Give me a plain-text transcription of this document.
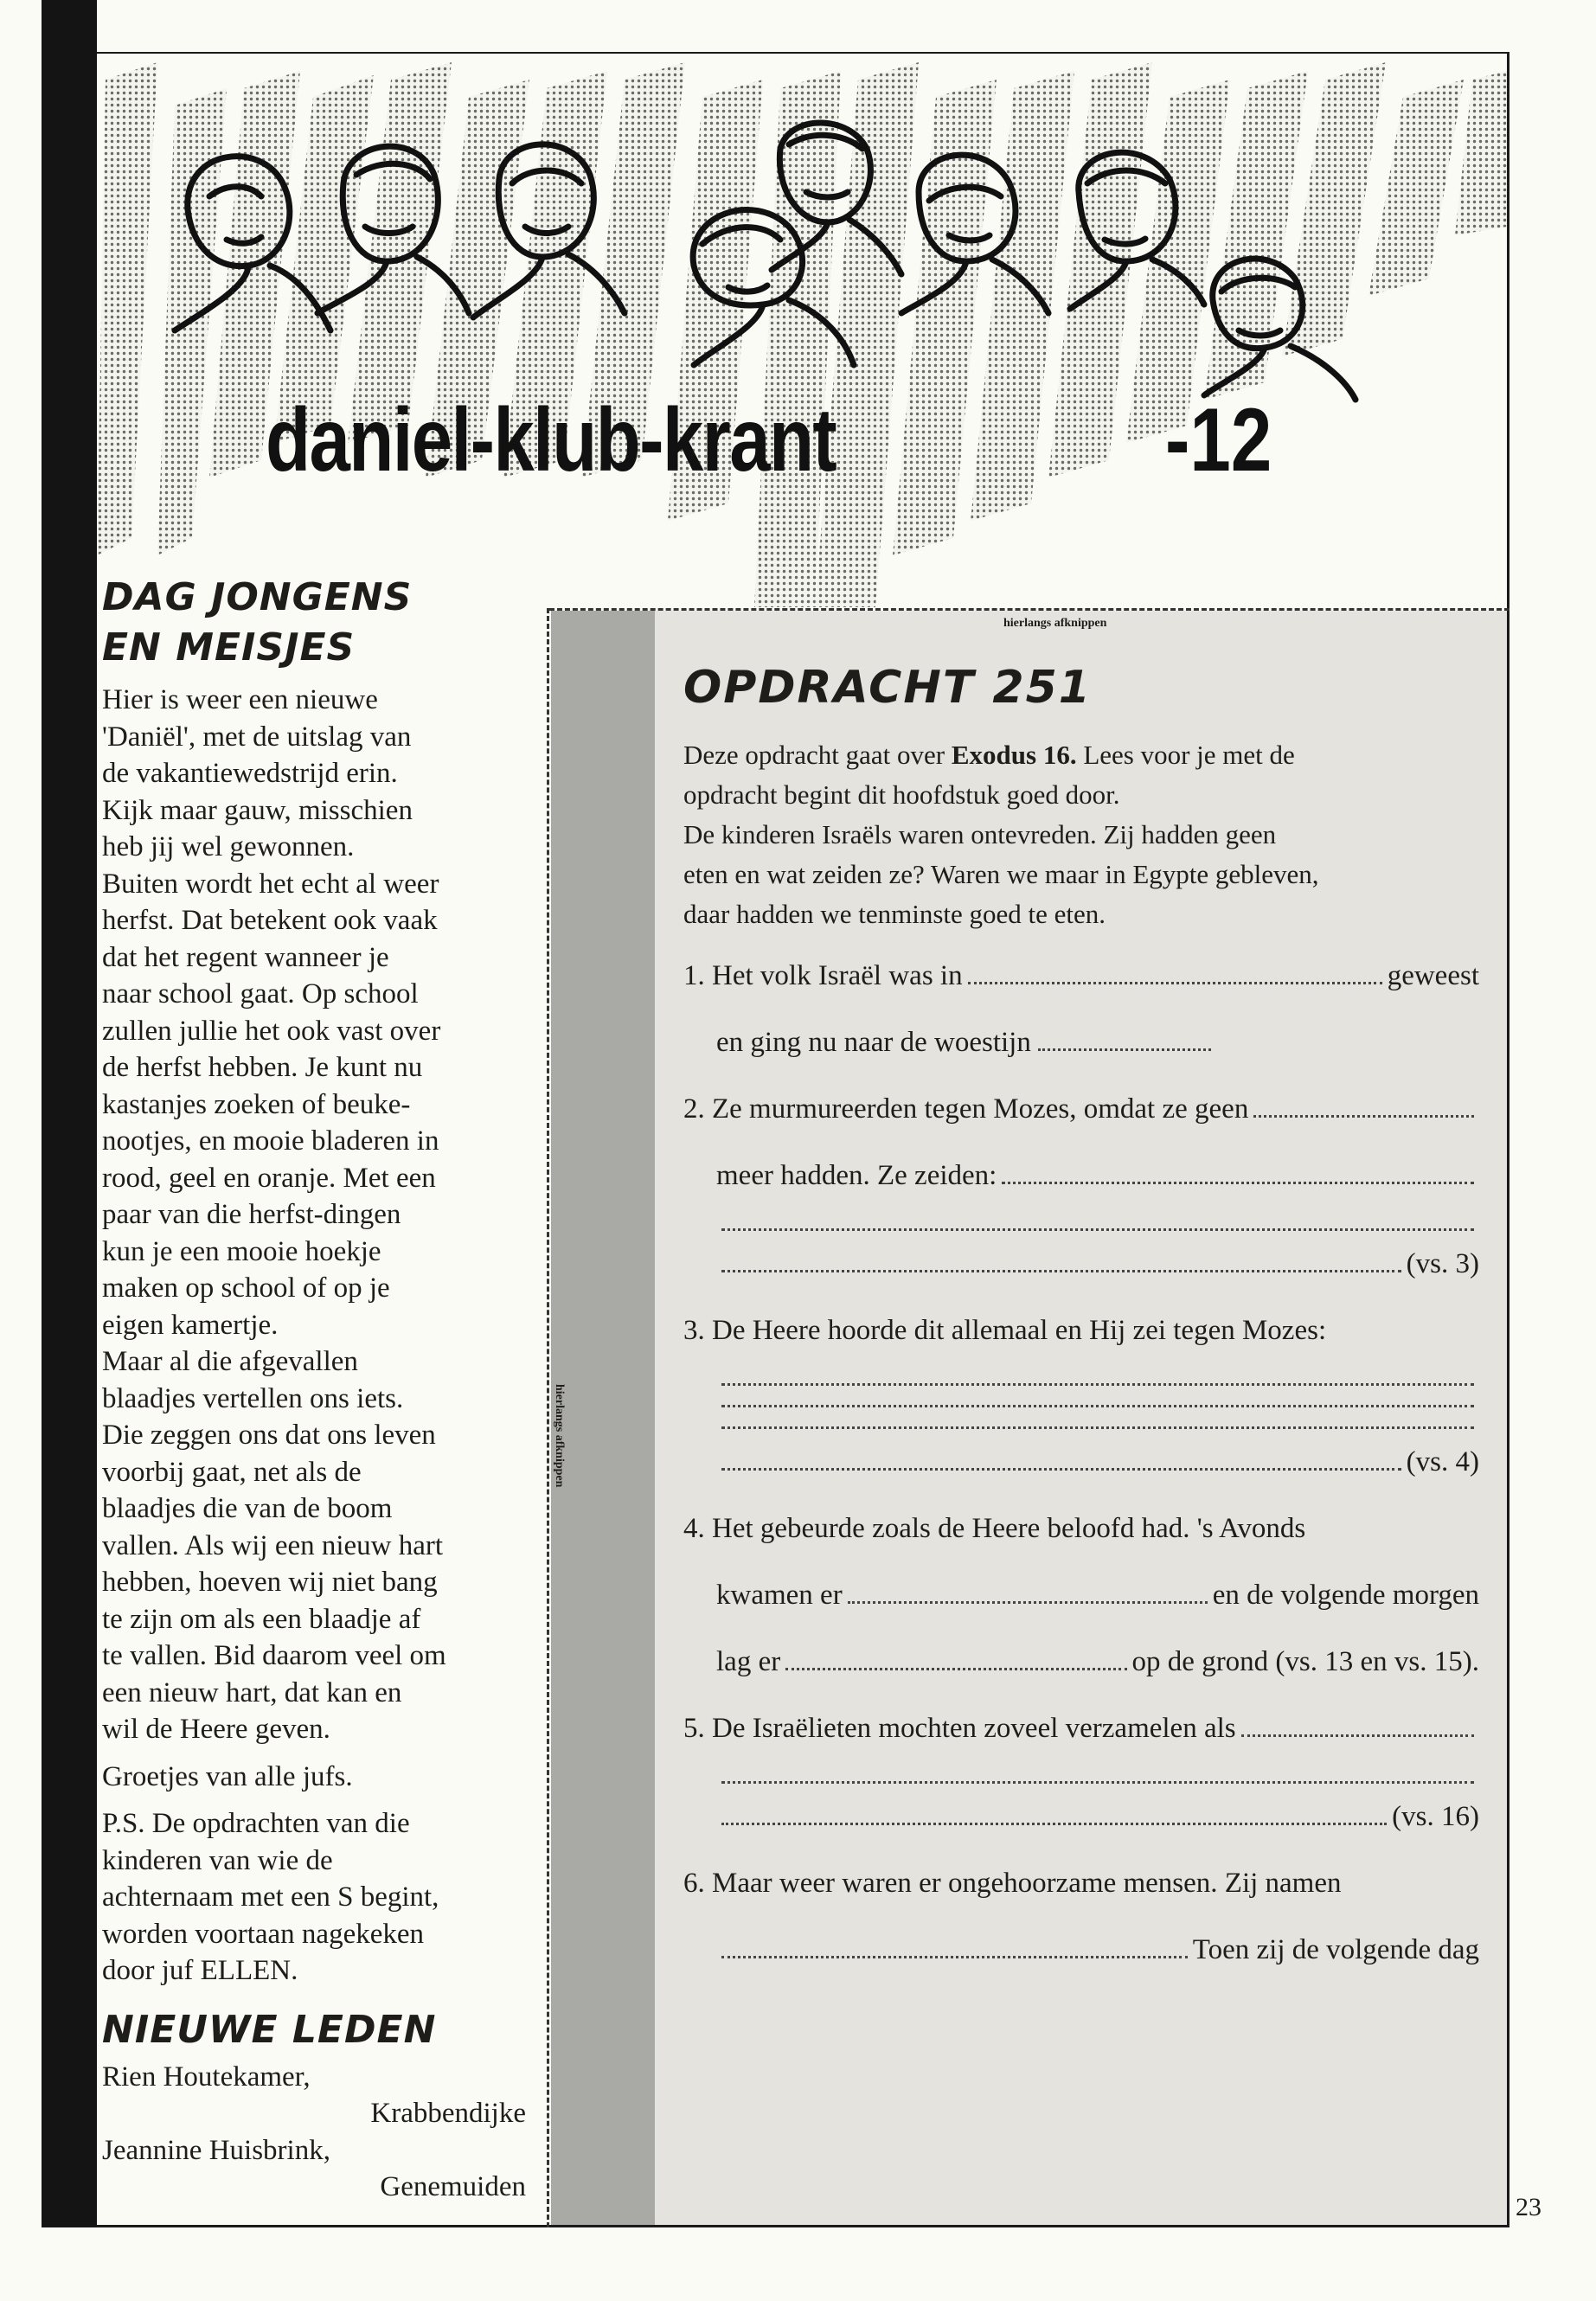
daniel-klub-krant	-12

DAG JONGENS
EN MEISJES

Hier is weer een nieuwe
'Daniël', met de uitslag van
de vakantiewedstrijd erin.
Kijk maar gauw, misschien
heb jij wel gewonnen.
Buiten wordt het echt al weer
herfst. Dat betekent ook vaak
dat het regent wanneer je
naar school gaat. Op school
zullen jullie het ook vast over
de herfst hebben. Je kunt nu
kastanjes zoeken of beuke-
nootjes, en mooie bladeren in
rood, geel en oranje. Met een
paar van die herfst-dingen
kun je een mooie hoekje
maken op school of op je
eigen kamertje.
Maar al die afgevallen
blaadjes vertellen ons iets.
Die zeggen ons dat ons leven
voorbij gaat, net als de
blaadjes die van de boom
vallen. Als wij een nieuw hart
hebben, hoeven wij niet bang
te zijn om als een blaadje af
te vallen. Bid daarom veel om
een nieuw hart, dat kan en
wil de Heere geven.
Groetjes van alle jufs.
P.S. De opdrachten van die
kinderen van wie de
achternaam met een S begint,
worden voortaan nagekeken
door juf ELLEN.

NIEUWE LEDEN

Rien Houtekamer,
Krabbendijke
Jeannine Huisbrink,
Genemuiden
hierlangs afknippen
hierlangs afknippen

OPDRACHT 251

Deze opdracht gaat over Exodus 16. Lees voor je met de
opdracht begint dit hoofdstuk goed door.
De kinderen Israëls waren ontevreden. Zij hadden geen
eten en wat zeiden ze? Waren we maar in Egypte gebleven,
daar hadden we tenminste goed te eten.
1. Het volk Israël was in	geweest
en ging nu naar de woestijn
2. Ze murmureerden tegen Mozes, omdat ze geen
meer hadden. Ze zeiden:
(vs. 3)
3. De Heere hoorde dit allemaal en Hij zei tegen Mozes:
(vs. 4)
4. Het gebeurde zoals de Heere beloofd had. 's Avonds
kwamen er	en de volgende morgen
lag er	op de grond (vs. 13 en vs. 15).
5. De Israëlieten mochten zoveel verzamelen als
(vs. 16)
6. Maar weer waren er ongehoorzame mensen. Zij namen
Toen zij de volgende dag
23
